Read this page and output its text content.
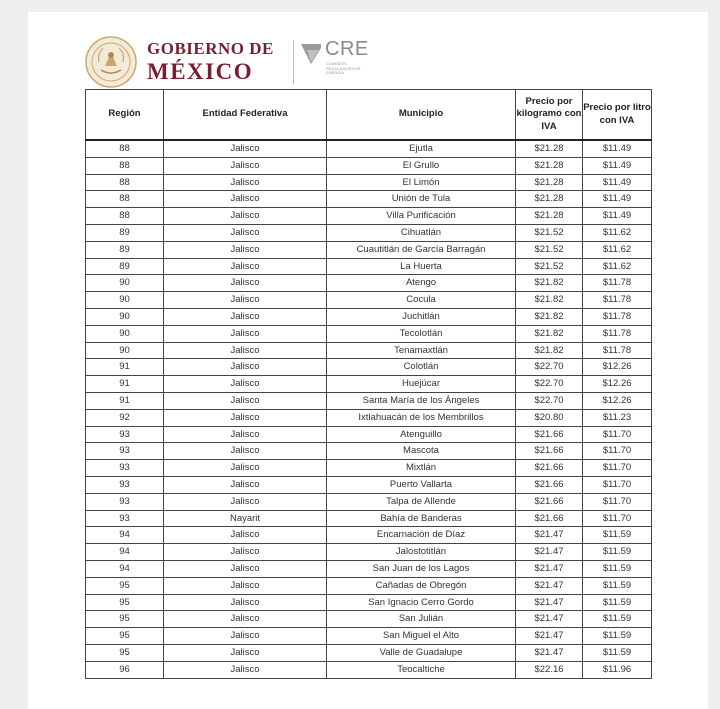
GOBIERNO DE
MÉXICO
CRE
COMISIÓN REGULADORA DE ENERGÍA
Región	Entidad Federativa	Municipio	Precio por kilogramo con IVA	Precio por litro con IVA
88	Jalisco	Ejutla	$21.28	$11.49
88	Jalisco	El Grullo	$21.28	$11.49
88	Jalisco	El Limón	$21.28	$11.49
88	Jalisco	Unión de Tula	$21.28	$11.49
88	Jalisco	Villa Purificación	$21.28	$11.49
89	Jalisco	Cihuatlán	$21.52	$11.62
89	Jalisco	Cuautitlán de García Barragán	$21.52	$11.62
89	Jalisco	La Huerta	$21.52	$11.62
90	Jalisco	Atengo	$21.82	$11.78
90	Jalisco	Cocula	$21.82	$11.78
90	Jalisco	Juchitlán	$21.82	$11.78
90	Jalisco	Tecolotlán	$21.82	$11.78
90	Jalisco	Tenamaxtlán	$21.82	$11.78
91	Jalisco	Colotlán	$22.70	$12.26
91	Jalisco	Huejúcar	$22.70	$12.26
91	Jalisco	Santa María de los Ángeles	$22.70	$12.26
92	Jalisco	Ixtlahuacán de los Membrillos	$20.80	$11.23
93	Jalisco	Atenguillo	$21.66	$11.70
93	Jalisco	Mascota	$21.66	$11.70
93	Jalisco	Mixtlán	$21.66	$11.70
93	Jalisco	Puerto Vallarta	$21.66	$11.70
93	Jalisco	Talpa de Allende	$21.66	$11.70
93	Nayarit	Bahía de Banderas	$21.66	$11.70
94	Jalisco	Encarnación de Díaz	$21.47	$11.59
94	Jalisco	Jalostotitlán	$21.47	$11.59
94	Jalisco	San Juan de los Lagos	$21.47	$11.59
95	Jalisco	Cañadas de Obregón	$21.47	$11.59
95	Jalisco	San Ignacio Cerro Gordo	$21.47	$11.59
95	Jalisco	San Julián	$21.47	$11.59
95	Jalisco	San Miguel el Alto	$21.47	$11.59
95	Jalisco	Valle de Guadalupe	$21.47	$11.59
96	Jalisco	Teocaltiche	$22.16	$11.96
